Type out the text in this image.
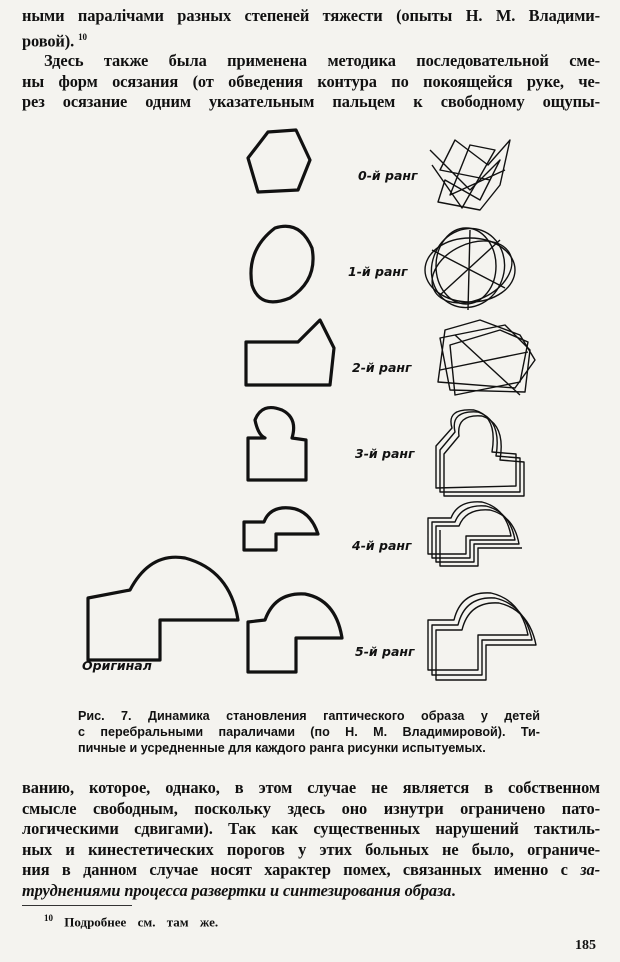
ными паралічами разных степеней тяжести (опыты Н. М. Владими-
ровой). $^{10}$
Здесь также была применена методика последовательной сме-
ны форм осязания (от обведения контура по покоящейся руке, че-
рез осязание одним указательным пальцем к свободному ощупы-

0-й ранг
1-й ранг
2-й ранг
3-й ранг
4-й ранг
5-й ранг
Оригинал

Рис. 7. Динамика становления гаптического образа у детей
с перебральными параличами (по Н. М. Владимировой). Ти-
пичные и усредненные для каждого ранга рисунки испытуемых.

ванию, которое, однако, в этом случае не является в собственном
смысле свободным, поскольку здесь оно изнутри ограничено пато-
логическими сдвигами). Так как существенных нарушений тактиль-
ных и кинестетических порогов у этих больных не было, ограниче-
ния в данном случае носят характер помех, связанных именно с за-
труднениями процесса развертки и синтезирования образа.

$^{10}$ Подробнее см. там же.
185
